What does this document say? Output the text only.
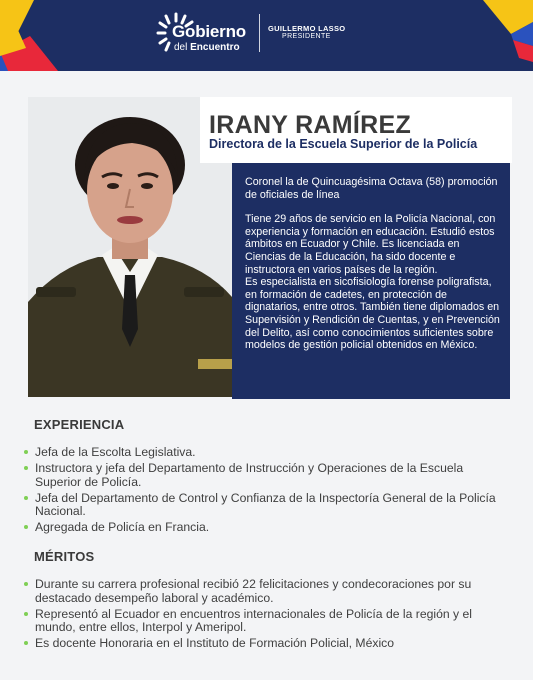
Gobierno
del Encuentro
GUILLERMO LASSO
PRESIDENTE
IRANY RAMÍREZ
Directora de la Escuela Superior de la Policía

Coronel la de Quincuagésima Octava (58) promoción de oficiales de línea

Tiene 29 años de servicio en la Policía Nacional, con experiencia y formación en educación. Estudió estos ámbitos en Ecuador y Chile. Es licenciada en Ciencias de la Educación, ha sido docente e instructora en varios países de la región.

Es especialista en sicofisiología forense poligrafista, en formación de cadetes, en protección de dignatarios, entre otros. También tiene diplomados en Supervisión y Rendición de Cuentas, y en Prevención del Delito, así como conocimientos suficientes sobre modelos de gestión policial obtenidos en México.

EXPERIENCIA
Jefa de la Escolta Legislativa.
Instructora y jefa del Departamento de Instrucción y Operaciones de la Escuela Superior de Policía.
Jefa del Departamento de Control y Confianza de la Inspectoría General de la Policía Nacional.
Agregada de Policía en Francia.
MÉRITOS
Durante su carrera profesional recibió 22 felicitaciones y condecoraciones por su destacado desempeño laboral y académico.
Representó al Ecuador en encuentros internacionales de Policía de la región y el mundo, entre ellos, Interpol y Ameripol.
Es docente Honoraria en el Instituto de Formación Policial, México
